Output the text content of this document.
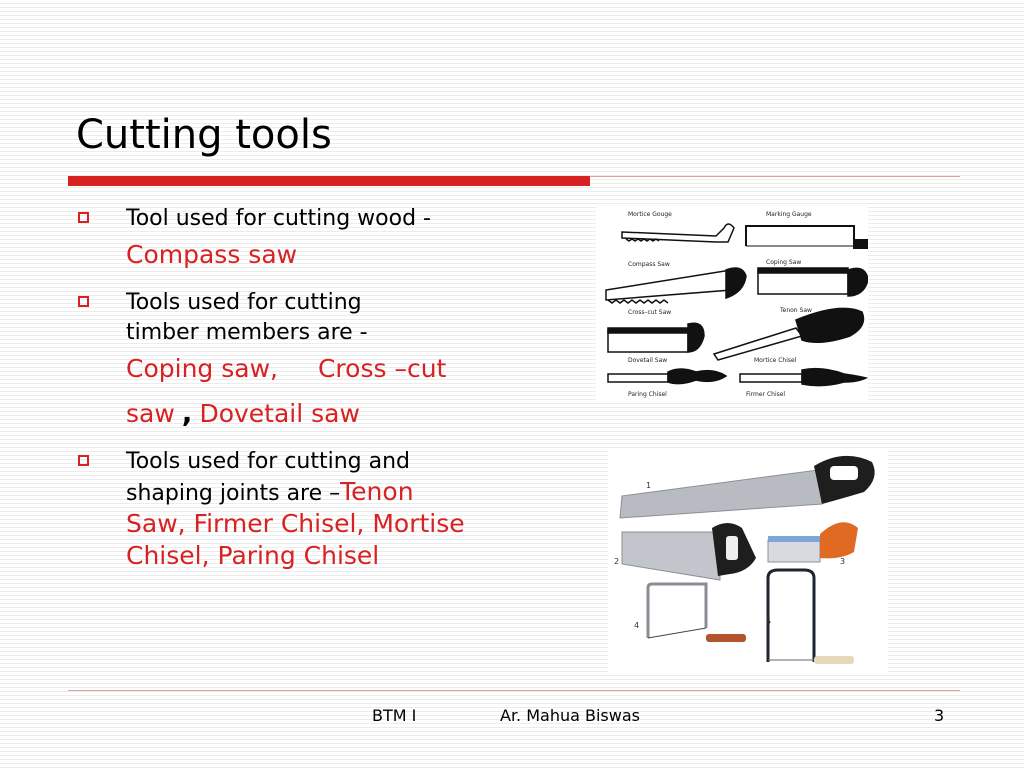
Cutting tools
Tool used for cutting wood -
Compass saw
Tools used for cutting timber members are -
Coping saw, Cross –cut
saw , Dovetail saw
Tools used for cutting and shaping joints are –Tenon Saw, Firmer Chisel, Mortise Chisel, Paring Chisel
Mortice Gouge	Marking Gauge
Compass Saw	Coping Saw
Cross–cut Saw	Tenon Saw
Dovetail Saw	Mortice Chisel
Paring Chisel	Firmer Chisel
1
2	3
4	5
BTM I	Ar. Mahua Biswas	3
